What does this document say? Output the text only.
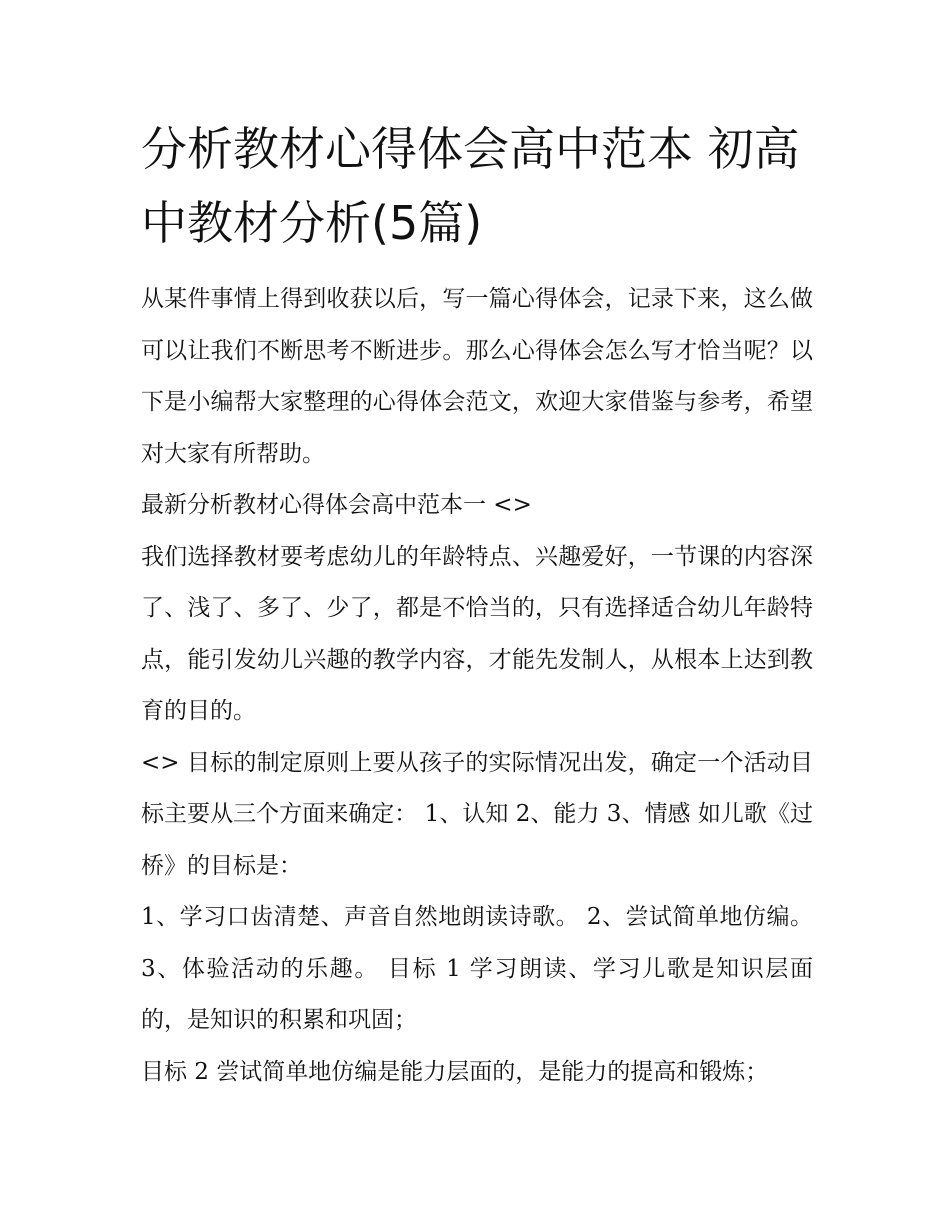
分析教材心得体会高中范本 初高中教材分析(5篇)

从某件事情上得到收获以后，写一篇心得体会，记录下来，这么做可以让我们不断思考不断进步。那么心得体会怎么写才恰当呢？以下是小编帮大家整理的心得体会范文，欢迎大家借鉴与参考，希望对大家有所帮助。

最新分析教材心得体会高中范本一 <>

我们选择教材要考虑幼儿的年龄特点、兴趣爱好，一节课的内容深了、浅了、多了、少了，都是不恰当的，只有选择适合幼儿年龄特点，能引发幼儿兴趣的教学内容，才能先发制人，从根本上达到教育的目的。

<> 目标的制定原则上要从孩子的实际情况出发，确定一个活动目标主要从三个方面来确定： 1、认知 2、能力 3、情感 如儿歌《过桥》的目标是：

1、学习口齿清楚、声音自然地朗读诗歌。 2、尝试简单地仿编。 3、体验活动的乐趣。 目标 1 学习朗读、学习儿歌是知识层面的，是知识的积累和巩固；

目标 2 尝试简单地仿编是能力层面的，是能力的提高和锻炼；
